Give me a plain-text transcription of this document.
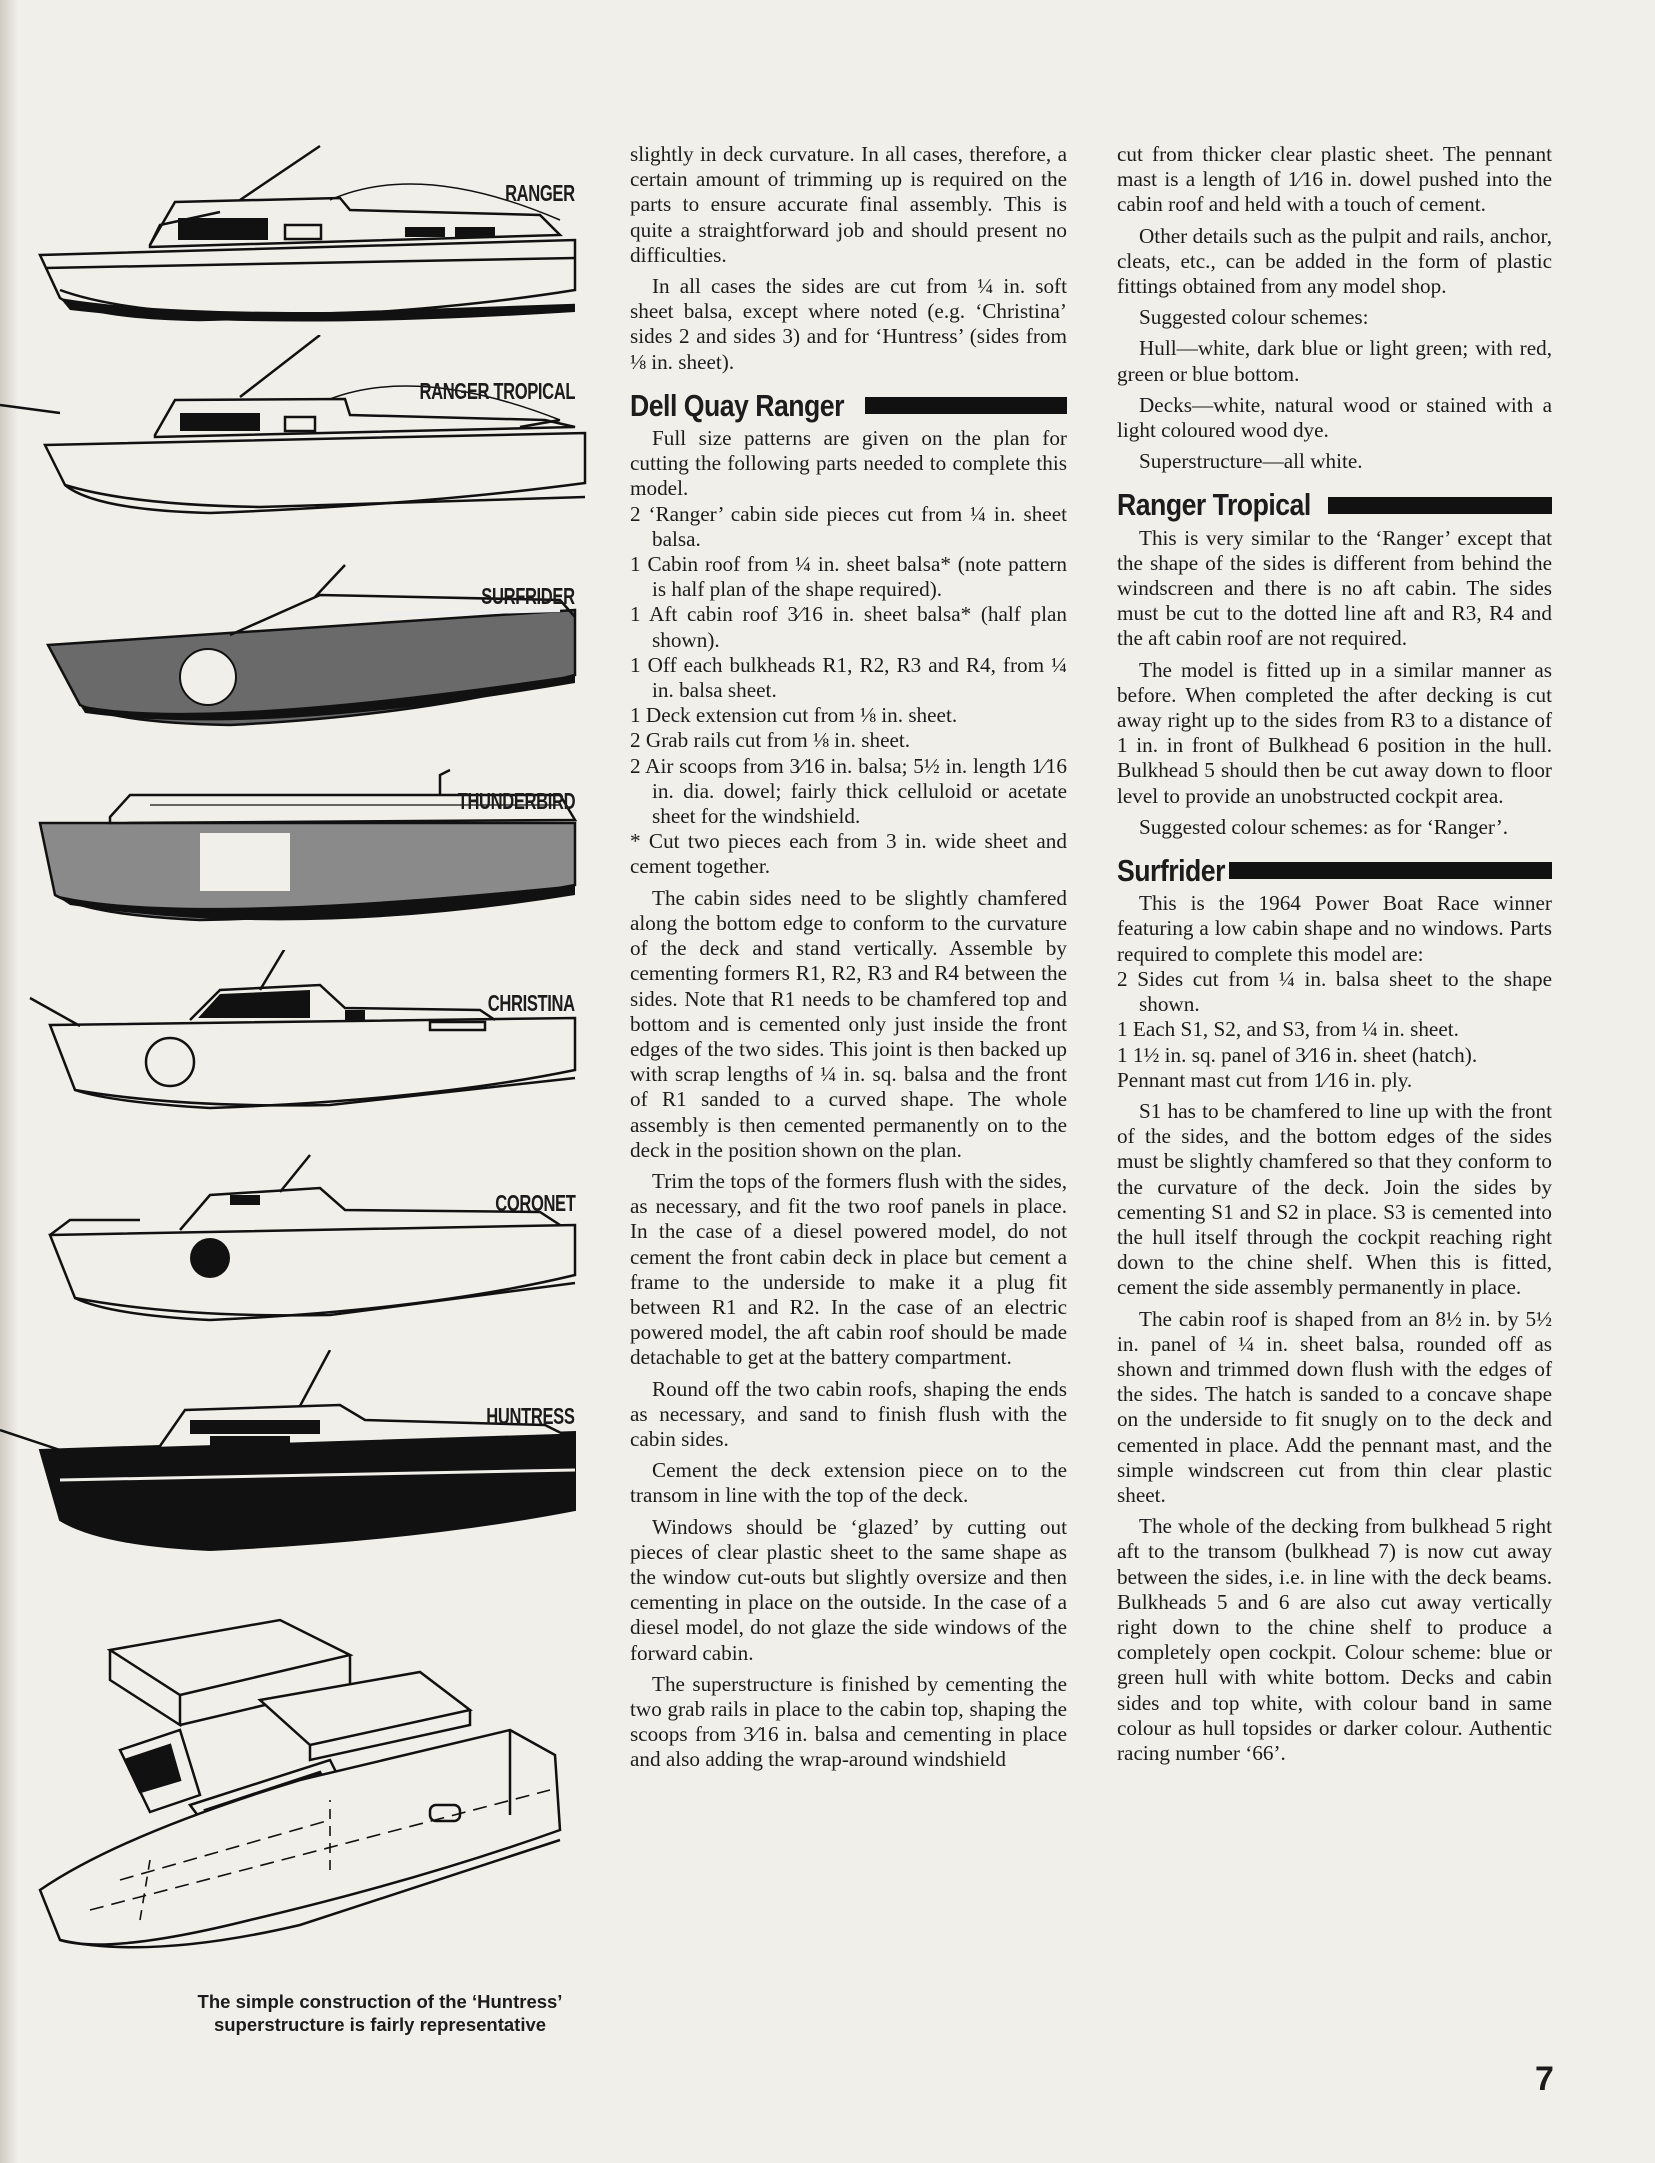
RANGER
RANGER TROPICAL
SURFRIDER
THUNDERBIRD
CHRISTINA
CORONET
HUNTRESS
The simple construction of the ‘Huntress’ superstructure is fairly representative

slightly in deck curvature. In all cases, therefore, a certain amount of trimming up is required on the parts to ensure accurate final assembly. This is quite a straightforward job and should present no difficulties.

In all cases the sides are cut from ¼ in. soft sheet balsa, except where noted (e.g. ‘Christina’ sides 2 and sides 3) and for ‘Huntress’ (sides from ⅛ in. sheet).

Dell Quay Ranger

Full size patterns are given on the plan for cutting the following parts needed to complete this model.

2 ‘Ranger’ cabin side pieces cut from ¼ in. sheet balsa.
1 Cabin roof from ¼ in. sheet balsa* (note pattern is half plan of the shape required).
1 Aft cabin roof 3⁄16 in. sheet balsa* (half plan shown).
1 Off each bulkheads R1, R2, R3 and R4, from ¼ in. balsa sheet.
1 Deck extension cut from ⅛ in. sheet.
2 Grab rails cut from ⅛ in. sheet.
2 Air scoops from 3⁄16 in. balsa; 5½ in. length 1⁄16 in. dia. dowel; fairly thick celluloid or acetate sheet for the windshield.
* Cut two pieces each from 3 in. wide sheet and cement together.

The cabin sides need to be slightly chamfered along the bottom edge to conform to the curvature of the deck and stand vertically. Assemble by cementing formers R1, R2, R3 and R4 between the sides. Note that R1 needs to be chamfered top and bottom and is cemented only just inside the front edges of the two sides. This joint is then backed up with scrap lengths of ¼ in. sq. balsa and the front of R1 sanded to a curved shape. The whole assembly is then cemented permanently on to the deck in the position shown on the plan.

Trim the tops of the formers flush with the sides, as necessary, and fit the two roof panels in place. In the case of a diesel powered model, do not cement the front cabin deck in place but cement a frame to the underside to make it a plug fit between R1 and R2. In the case of an electric powered model, the aft cabin roof should be made detachable to get at the battery compartment.

Round off the two cabin roofs, shaping the ends as necessary, and sand to finish flush with the cabin sides.

Cement the deck extension piece on to the transom in line with the top of the deck.

Windows should be ‘glazed’ by cutting out pieces of clear plastic sheet to the same shape as the window cut-outs but slightly oversize and then cementing in place on the outside. In the case of a diesel model, do not glaze the side windows of the forward cabin.

The superstructure is finished by cementing the two grab rails in place to the cabin top, shaping the scoops from 3⁄16 in. balsa and cementing in place and also adding the wrap-around windshield

cut from thicker clear plastic sheet. The pennant mast is a length of 1⁄16 in. dowel pushed into the cabin roof and held with a touch of cement.

Other details such as the pulpit and rails, anchor, cleats, etc., can be added in the form of plastic fittings obtained from any model shop.

Suggested colour schemes:

Hull—white, dark blue or light green; with red, green or blue bottom.

Decks—white, natural wood or stained with a light coloured wood dye.

Superstructure—all white.

Ranger Tropical

This is very similar to the ‘Ranger’ except that the shape of the sides is different from behind the windscreen and there is no aft cabin. The sides must be cut to the dotted line aft and R3, R4 and the aft cabin roof are not required.

The model is fitted up in a similar manner as before. When completed the after decking is cut away right up to the sides from R3 to a distance of 1 in. in front of Bulkhead 6 position in the hull. Bulkhead 5 should then be cut away down to floor level to provide an unobstructed cockpit area.

Suggested colour schemes: as for ‘Ranger’.

Surfrider

This is the 1964 Power Boat Race winner featuring a low cabin shape and no windows. Parts required to complete this model are:

2 Sides cut from ¼ in. balsa sheet to the shape shown.
1 Each S1, S2, and S3, from ¼ in. sheet.
1 1½ in. sq. panel of 3⁄16 in. sheet (hatch).
Pennant mast cut from 1⁄16 in. ply.

S1 has to be chamfered to line up with the front of the sides, and the bottom edges of the sides must be slightly chamfered so that they conform to the curvature of the deck. Join the sides by cementing S1 and S2 in place. S3 is cemented into the hull itself through the cockpit reaching right down to the chine shelf. When this is fitted, cement the side assembly permanently in place.

The cabin roof is shaped from an 8½ in. by 5½ in. panel of ¼ in. sheet balsa, rounded off as shown and trimmed down flush with the edges of the sides. The hatch is sanded to a concave shape on the underside to fit snugly on to the deck and cemented in place. Add the pennant mast, and the simple windscreen cut from thin clear plastic sheet.

The whole of the decking from bulkhead 5 right aft to the transom (bulkhead 7) is now cut away between the sides, i.e. in line with the deck beams. Bulkheads 5 and 6 are also cut away vertically right down to the chine shelf to produce a completely open cockpit. Colour scheme: blue or green hull with white bottom. Decks and cabin sides and top white, with colour band in same colour as hull topsides or darker colour. Authentic racing number ‘66’.

7
